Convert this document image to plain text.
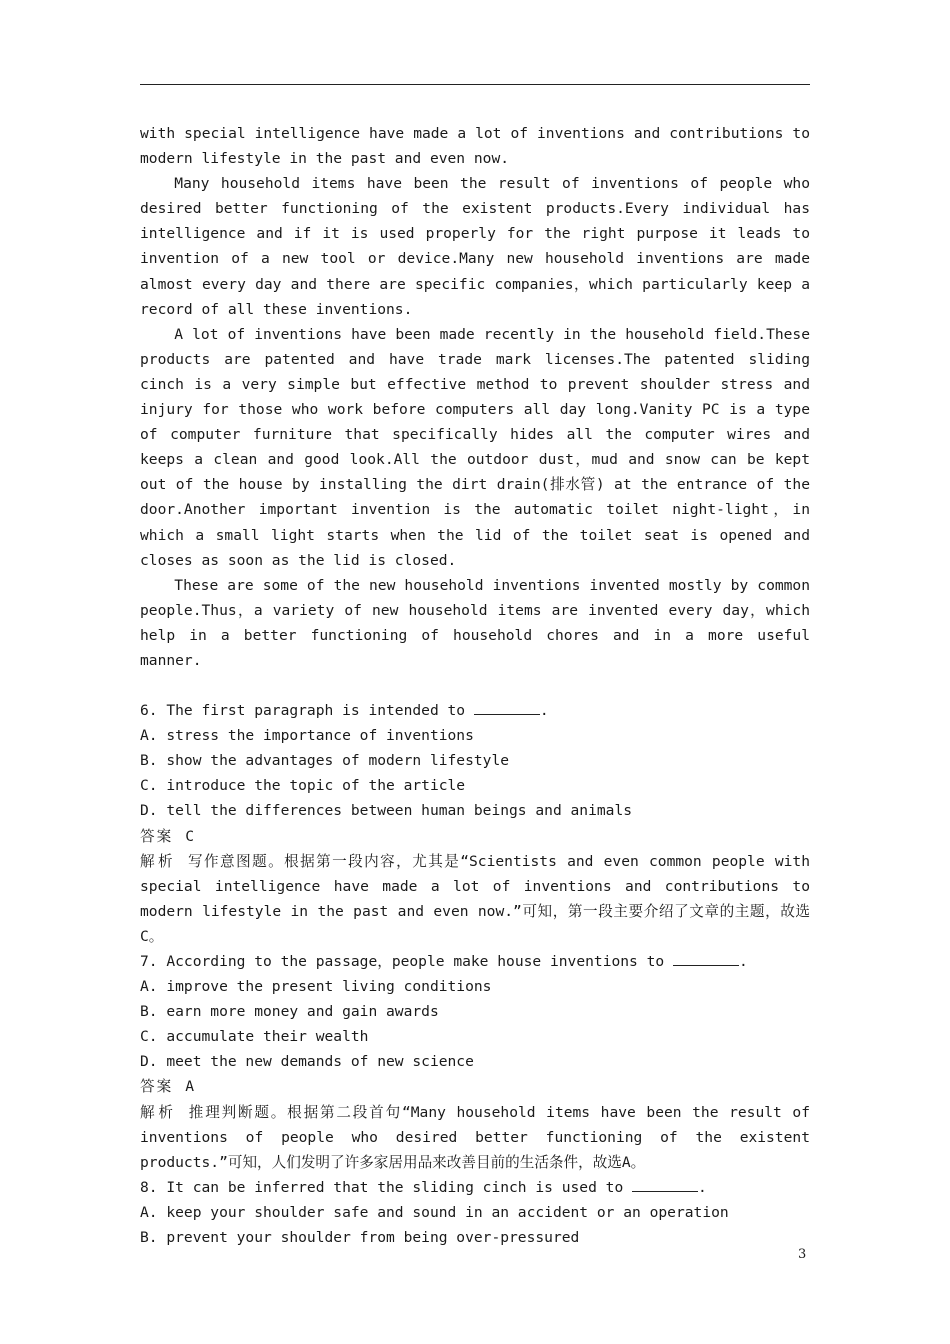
with special intelligence have made a lot of inventions and contributions to modern lifestyle in the past and even now.

Many household items have been the result of inventions of people who desired better functioning of the existent products.Every individual has intelligence and if it is used properly for the right purpose it leads to invention of a new tool or device.Many new household inventions are made almost every day and there are specific companies，which particularly keep a record of all these inventions.

A lot of inventions have been made recently in the household field.These products are patented and have trade mark licenses.The patented sliding cinch is a very simple but effective method to prevent shoulder stress and injury for those who work before computers all day long.Vanity PC is a type of computer furniture that specifically hides all the computer wires and keeps a clean and good look.All the outdoor dust，mud and snow can be kept out of the house by installing the dirt drain(排水管) at the entrance of the door.Another important invention is the automatic toilet night-light，in which a small light starts when the lid of the toilet seat is opened and closes as soon as the lid is closed.

These are some of the new household inventions invented mostly by common people.Thus，a variety of new household items are invented every day，which help in a better functioning of household chores and in a more useful manner.

6. The first paragraph is intended to	.

A. stress the importance of inventions

B. show the advantages of modern lifestyle

C. introduce the topic of the article

D. tell the differences between human beings and animals

答案 C

解析 写作意图题。根据第一段内容，尤其是“Scientists and even common people with special intelligence have made a lot of inventions and contributions to modern lifestyle in the past and even now.”可知，第一段主要介绍了文章的主题，故选C。

7. According to the passage，people make house inventions to	.

A. improve the present living conditions

B. earn more money and gain awards

C. accumulate their wealth

D. meet the new demands of new science

答案 A

解析 推理判断题。根据第二段首句“Many household items have been the result of inventions of people who desired better functioning of the existent products.”可知，人们发明了许多家居用品来改善目前的生活条件，故选A。

8. It can be inferred that the sliding cinch is used to	.

A. keep your shoulder safe and sound in an accident or an operation

B. prevent your shoulder from being over-pressured

3
